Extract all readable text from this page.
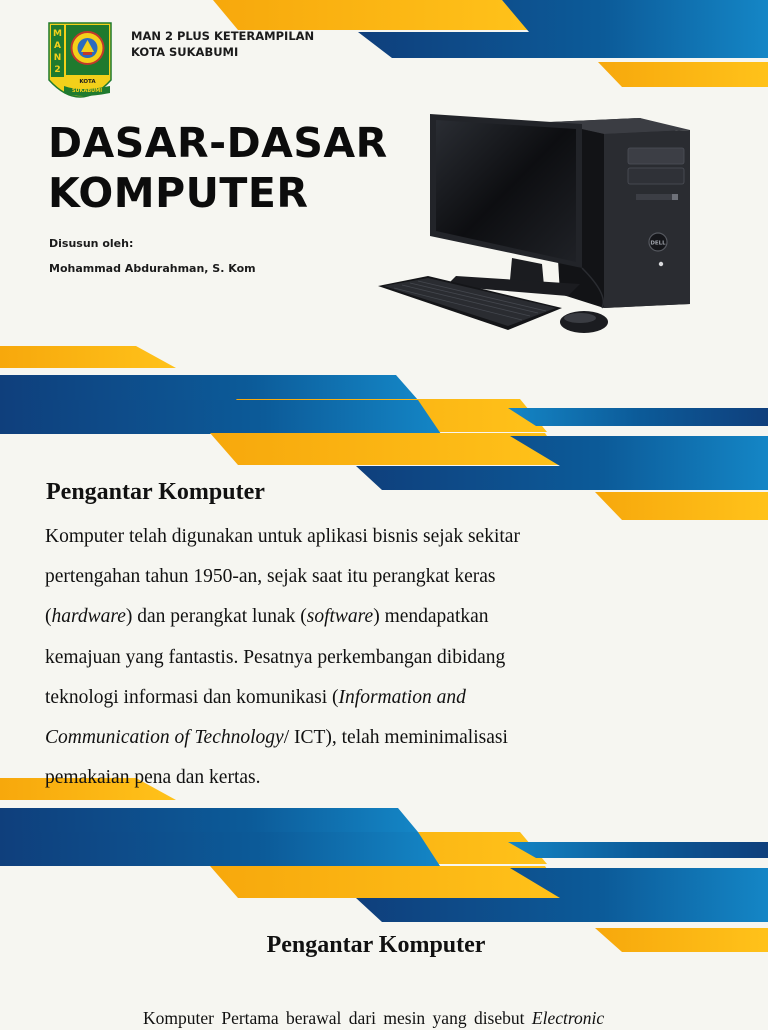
M
A
N
2
KOTA
SUKABUMI
MAN 2 PLUS KETERAMPILAN
KOTA SUKABUMI
DASAR-DASAR
KOMPUTER
Disusun oleh:
Mohammad Abdurahman, S. Kom
DELL
Pengantar Komputer

Komputer telah digunakan untuk aplikasi bisnis sejak sekitar

pertengahan tahun 1950-an, sejak saat itu perangkat keras

(hardware) dan perangkat lunak (software) mendapatkan

kemajuan yang fantastis. Pesatnya perkembangan dibidang

teknologi informasi dan komunikasi (Information and

Communication of Technology/ ICT), telah meminimalisasi

pemakaian pena dan kertas.

Pengantar Komputer
Komputer Pertama berawal dari mesin yang disebut Electronic
